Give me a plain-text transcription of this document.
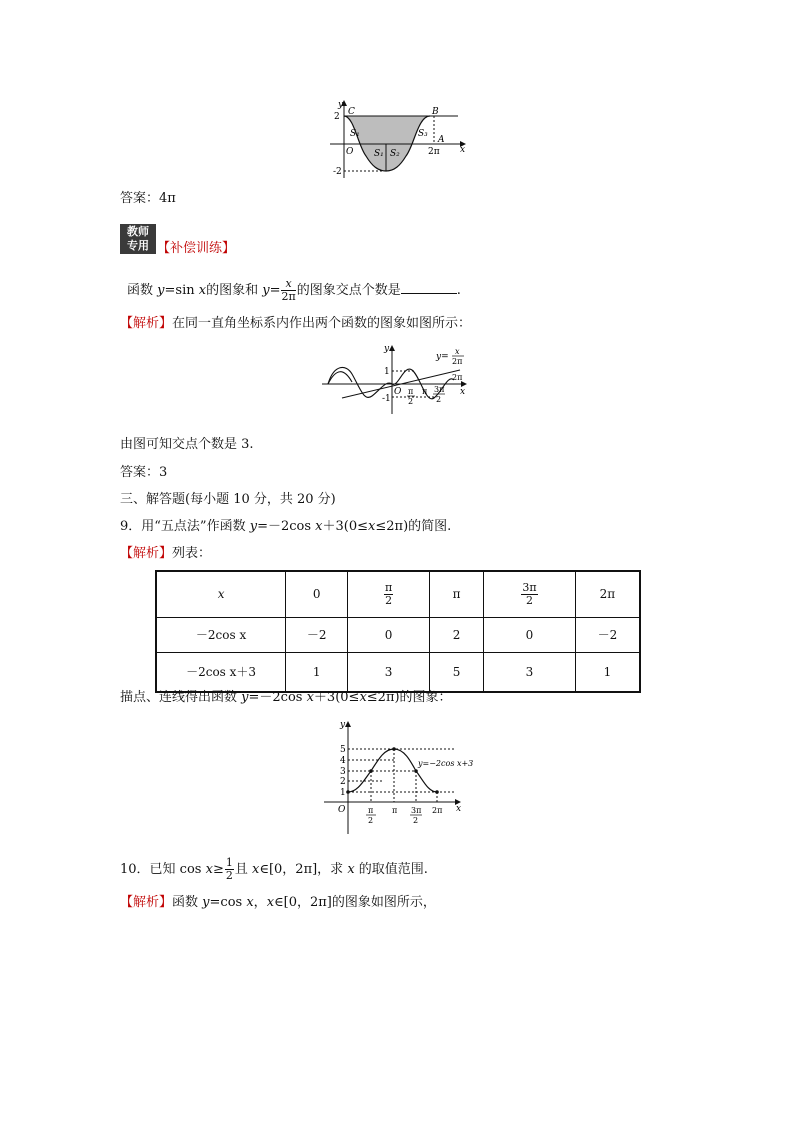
y
2 C	B
S₁	S₃
A
O S₁ S₂	2π x
-2
答案：4π
教师
专用 【补偿训练】
函数 y=sin x的图象和 $y= \frac{x}{2\pi}$ 的图象交点个数是	.
【解析】在同一直角坐标系内作出两个函数的图象如图所示：
y
y=
x
2π
2π
1
O π
2
π 3π
2
x
-1
由图可知交点个数是 3.
答案：3
三、解答题(每小题 10 分，共 20 分)
9．用“五点法”作函数 y=－2cos x＋3(0≤x≤2π)的简图.
【解析】列表：
x	0	$\frac{\pi}{2}$	π	$\frac{3\pi}{2}$	2π
－2cos x	－2	0	2	0	－2
－2cos x＋3	1	3	5	3	1
描点、连线得出函数 y=－2cos x＋3(0≤x≤2π)的图象：
y
5
4
3
2
1
O
y=−2cos x+3
π
2
π 3π
2
2π x
10．已知 $\cos x\ge \frac{1}{2}$ 且 x∈[0，2π]，求 x 的取值范围.
【解析】函数 y=cos x，x∈[0，2π]的图象如图所示，
